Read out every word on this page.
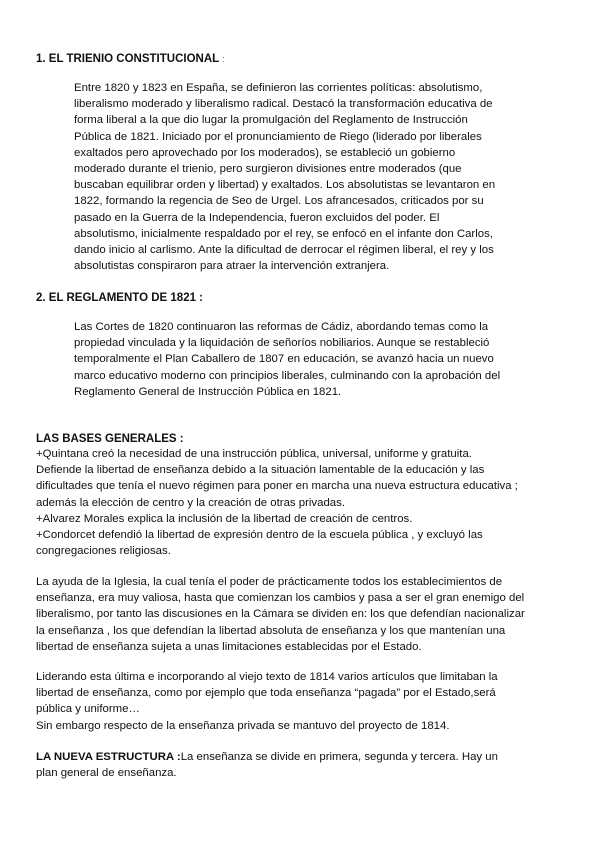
1. EL TRIENIO CONSTITUCIONAL :
Entre 1820 y 1823 en España, se definieron las corrientes políticas: absolutismo,
liberalismo moderado y liberalismo radical. Destacó la transformación educativa de
forma liberal a la que dio lugar la promulgación del Reglamento de Instrucción
Pública de 1821. Iniciado por el pronunciamiento de Riego (liderado por liberales
exaltados pero aprovechado por los moderados), se estableció un gobierno
moderado durante el trienio, pero surgieron divisiones entre moderados (que
buscaban equilibrar orden y libertad) y exaltados. Los absolutistas se levantaron en
1822, formando la regencia de Seo de Urgel. Los afrancesados, criticados por su
pasado en la Guerra de la Independencia, fueron excluidos del poder. El
absolutismo, inicialmente respaldado por el rey, se enfocó en el infante don Carlos,
dando inicio al carlismo. Ante la dificultad de derrocar el régimen liberal, el rey y los
absolutistas conspiraron para atraer la intervención extranjera.
2. EL REGLAMENTO DE 1821 :
Las Cortes de 1820 continuaron las reformas de Cádiz, abordando temas como la
propiedad vinculada y la liquidación de señoríos nobiliarios. Aunque se restableció
temporalmente el Plan Caballero de 1807 en educación, se avanzó hacia un nuevo
marco educativo moderno con principios liberales, culminando con la aprobación del
Reglamento General de Instrucción Pública en 1821.
LAS BASES GENERALES :
+Quintana creó la necesidad de una instrucción pública, universal, uniforme y gratuita.
Defiende la libertad de enseñanza debido a la situación lamentable de la educación y las
dificultades que tenía el nuevo régimen para poner en marcha una nueva estructura educativa ;
además la elección de centro y la creación de otras privadas.
+Alvarez Morales explica la inclusión de la libertad de creación de centros.
+Condorcet defendió la libertad de expresión dentro de la escuela pública , y excluyó las
congregaciones religiosas.
La ayuda de la Iglesia, la cual tenía el poder de prácticamente todos los establecimientos de
enseñanza, era muy valiosa, hasta que comienzan los cambios y pasa a ser el gran enemigo del
liberalismo, por tanto las discusiones en la Cámara se dividen en: los que defendían nacionalizar
la enseñanza , los que defendían la libertad absoluta de enseñanza y los que mantenían una
libertad de enseñanza sujeta a unas limitaciones establecidas por el Estado.
Liderando esta última e incorporando al viejo texto de 1814 varios artículos que limitaban la
libertad de enseñanza, como por ejemplo que toda enseñanza “pagada” por el Estado,será
pública y uniforme…
Sin embargo respecto de la enseñanza privada se mantuvo del proyecto de 1814.
LA NUEVA ESTRUCTURA :La enseñanza se divide en primera, segunda y tercera. Hay un
plan general de enseñanza.
